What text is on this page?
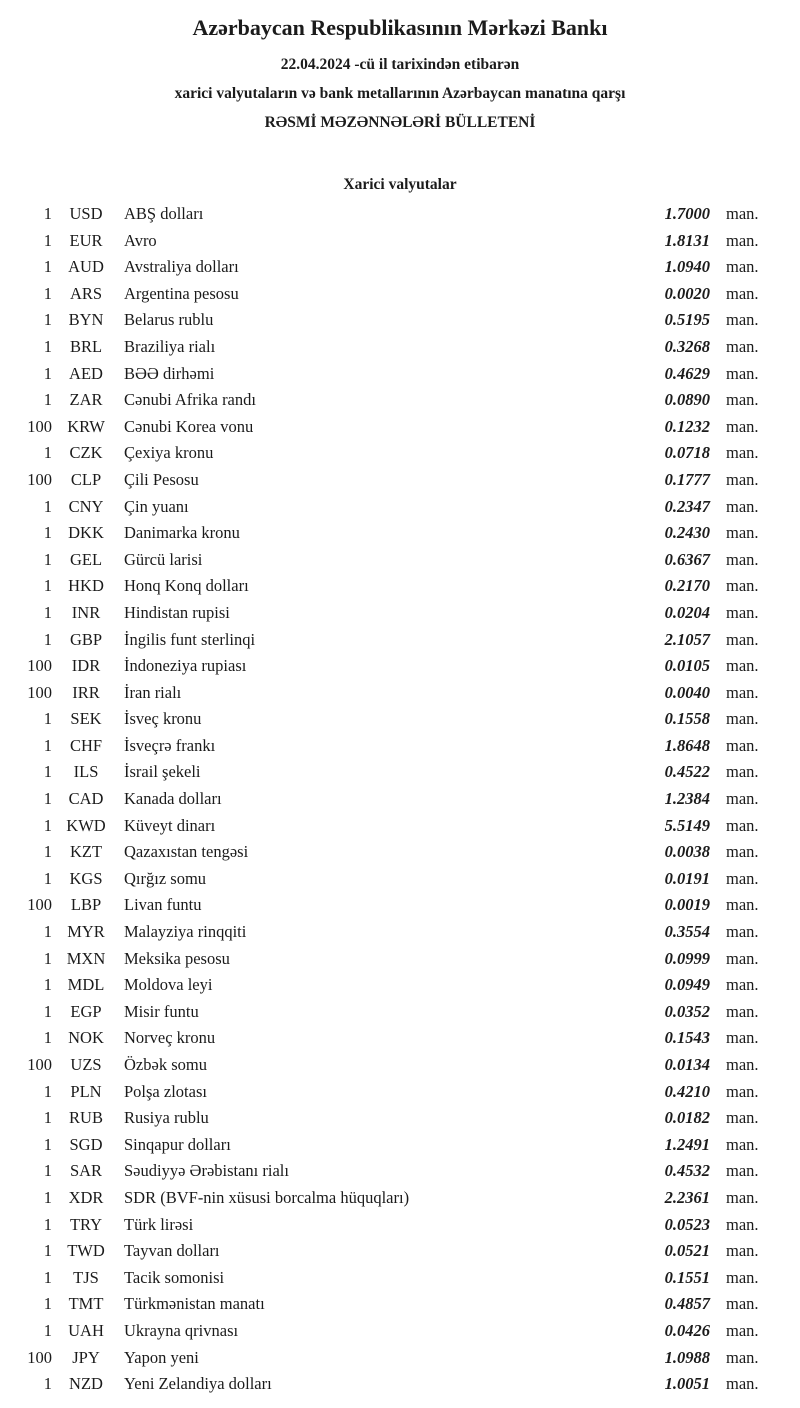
Azərbaycan Respublikasının Mərkəzi Bankı
22.04.2024 -cü il tarixindən etibarən
xarici valyutaların və bank metallarının Azərbaycan manatına qarşı
RƏSMİ MƏZƏNNƏLƏRİ BÜLLETENİ
Xarici valyutalar
1	USD	ABŞ dolları	1.7000 man.
1	EUR	Avro	1.8131 man.
1 AUD	Avstraliya dolları	1.0940 man.
1	ARS	Argentina pesosu	0.0020 man.
1	BYN	Belarus rublu	0.5195 man.
1	BRL	Braziliya rialı	0.3268 man.
1	AED	BƏƏ dirhəmi	0.4629 man.
1	ZAR	Cənubi Afrika randı	0.0890 man.
100 KRW	Cənubi Korea vonu	0.1232 man.
1	CZK	Çexiya kronu	0.0718 man.
100	CLP	Çili Pesosu	0.1777 man.
1	CNY	Çin yuanı	0.2347 man.
1 DKK	Danimarka kronu	0.2430 man.
1	GEL	Gürcü larisi	0.6367 man.
1 HKD	Honq Konq dolları	0.2170 man.
1	INR	Hindistan rupisi	0.0204 man.
1	GBP	İngilis funt sterlinqi	2.1057 man.
100	IDR	İndoneziya rupiası	0.0105 man.
100	IRR	İran rialı	0.0040 man.
1	SEK	İsveç kronu	0.1558 man.
1	CHF	İsveçrə frankı	1.8648 man.
1	ILS	İsrail şekeli	0.4522 man.
1	CAD	Kanada dolları	1.2384 man.
1 KWD	Küveyt dinarı	5.5149 man.
1	KZT	Qazaxıstan tengəsi	0.0038 man.
1	KGS	Qırğız somu	0.0191 man.
100	LBP	Livan funtu	0.0019 man.
1 MYR	Malayziya rinqqiti	0.3554 man.
1 MXN	Meksika pesosu	0.0999 man.
1 MDL	Moldova leyi	0.0949 man.
1	EGP	Misir funtu	0.0352 man.
1 NOK	Norveç kronu	0.1543 man.
100	UZS	Özbək somu	0.0134 man.
1	PLN	Polşa zlotası	0.4210 man.
1	RUB	Rusiya rublu	0.0182 man.
1	SGD	Sinqapur dolları	1.2491 man.
1	SAR	Səudiyyə Ərəbistanı rialı	0.4532 man.
1	XDR	SDR (BVF-nin xüsusi borcalma hüquqları)	2.2361 man.
1	TRY	Türk lirəsi	0.0523 man.
1 TWD	Tayvan dolları	0.0521 man.
1	TJS	Tacik somonisi	0.1551 man.
1	TMT	Türkmənistan manatı	0.4857 man.
1 UAH	Ukrayna qrivnası	0.0426 man.
100	JPY	Yapon yeni	1.0988 man.
1	NZD	Yeni Zelandiya dolları	1.0051 man.
